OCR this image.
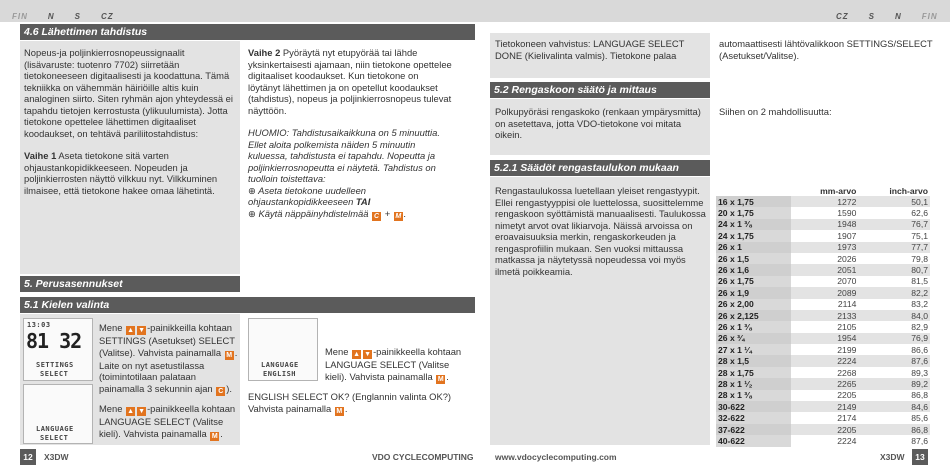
FIN	N	S	CZ	CZ	S	N	FIN
4.6 Lähettimen tahdistus

Nopeus-ja poljinkierrosnopeussignaalit (lisävaruste: tuotenro 7702) siirretään tietokoneeseen digitaalisesti ja koodattuna. Tämä tekniikka on vähemmän häiriöille altis kuin analoginen siirto. Siten ryhmän ajon yhteydessä ei tapahdu tietojen kerrostusta (ylikuulumista). Jotta tietokone opettelee lähettimen digitaaliset koodaukset, on tehtävä pariliitostahdistus:

Vaihe 1 Aseta tietokone sitä varten ohjaustankopidikkeeseen. Nopeuden ja poljinkierrosten näyttö vilkkuu nyt. Vilkkuminen ilmaisee, että tietokone hakee omaa lähetintä.

Vaihe 2 Pyöräytä nyt etupyörää tai lähde yksinkertaisesti ajamaan, niin tietokone opettelee digitaaliset koodaukset. Kun tietokone on löytänyt lähettimen ja on opetellut koodaukset (tahdistus), nopeus ja poljinkierrosnopeus tulevat näyttöön.

HUOMIO: Tahdistusaikaikkuna on 5 minuuttia. Ellet aloita polkemista näiden 5 minuutin kuluessa, tahdistusta ei tapahdu. Nopeutta ja poljinkierrosnopeutta ei näytetä. Tahdistus on tuolloin toistettava:
⊕ Aseta tietokone uudelleen ohjaustankopidikkeeseen TAI
⊕ Käytä näppäinyhdistelmää C + M .

5. Perusasennukset
5.1 Kielen valinta
13:03
81 32
SETTINGS
SELECT
LANGUAGE
SELECT
Mene ▲ ▼ -painikkeilla kohtaan SETTINGS (Asetukset) SELECT (Valitse). Vahvista painamalla M . Laite on nyt asetustilassa (toimintotilaan palataan painamalla 3 sekunnin ajan C ).
Mene ▲ ▼ -painikkeella kohtaan LANGUAGE SELECT (Valitse kieli). Vahvista painamalla M .
LANGUAGE
ENGLISH
Mene ▲ ▼ -painikkeella kohtaan LANGUAGE SELECT (Valitse kieli). Vahvista painamalla M .
ENGLISH SELECT OK? (Englannin valinta OK?) Vahvista painamalla M .
Tietokoneen vahvistus: LANGUAGE SELECT DONE (Kielivalinta valmis). Tietokone palaa
automaattisesti lähtövalikkoon SETTINGS/SELECT (Asetukset/Valitse).
5.2 Rengaskoon säätö ja mittaus
Polkupyöräsi rengaskoko (renkaan ympärysmitta) on asetettava, jotta VDO-tietokone voi mitata oikein.
Siihen on 2 mahdollisuutta:
5.2.1 Säädöt rengastaulukon mukaan
Rengastaulukossa luetellaan yleiset rengastyypit. Ellei rengastyyppisi ole luettelossa, suosittelemme rengaskoon syöttämistä manuaalisesti. Taulukossa nimetyt arvot ovat likiarvoja. Näissä arvoissa on eroavaisuuksia merkin, rengaskorkeuden ja rengasprofiilin mukaan. Sen vuoksi mittaussa matkassa ja näytetyssä nopeudessa voi myös ilmetä poikkeamia.
	mm-arvo	inch-arvo
16 x 1,75	1272	50,1
20 x 1,75	1590	62,6
24 x 1 ³⁄₈	1948	76,7
24 x 1,75	1907	75,1
26 x 1	1973	77,7
26 x 1,5	2026	79,8
26 x 1,6	2051	80,7
26 x 1,75	2070	81,5
26 x 1,9	2089	82,2
26 x 2,00	2114	83,2
26 x 2,125	2133	84,0
26 x 1 ³⁄₈	2105	82,9
26 x ³⁄₄	1954	76,9
27 x 1 ¹⁄₄	2199	86,6
28 x 1,5	2224	87,6
28 x 1,75	2268	89,3
28 x 1 ¹⁄₂	2265	89,2
28 x 1 ³⁄₈	2205	86,8
30-622	2149	84,6
32-622	2174	85,6
37-622	2205	86,8
40-622	2224	87,6
12	X3DW	VDO CYCLECOMPUTING	www.vdocyclecomputing.com	X3DW	13
